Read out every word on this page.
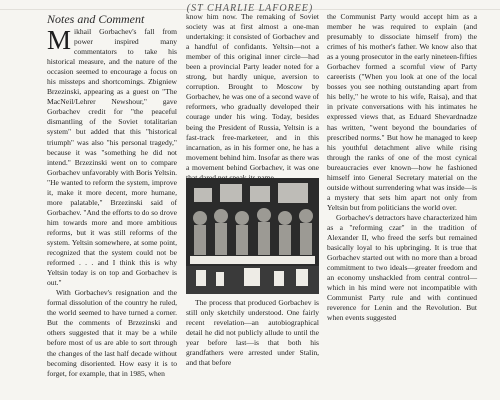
(ST CHARLIE LAFOREE)
Notes and Comment

Mikhail Gorbachev's fall from power inspired many commentators to take his historical measure, and the nature of the occasion seemed to encourage a focus on his missteps and shortcomings. Zbigniew Brzezinski, appearing as a guest on "The MacNeil/Lehrer Newshour," gave Gorbachev credit for "the peaceful dismantling of the Soviet totalitarian system" but added that this "historical triumph" was also "his personal tragedy," because it was "something he did not intend." Brzezinski went on to compare Gorbachev unfavorably with Boris Yeltsin. "He wanted to reform the system, improve it, make it more decent, more humane, more palatable," Brzezinski said of Gorbachev. "And the efforts to do so drove him towards more and more ambitious reforms, but it was still reforms of the system. Yeltsin somewhere, at some point, recognized that the system could not be reformed . . . and I think this is why Yeltsin today is on top and Gorbachev is out."

With Gorbachev's resignation and the formal dissolution of the country he ruled, the world seemed to have turned a corner. But the comments of Brzezinski and others suggested that it may be a while before most of us are able to sort through the changes of the last half decade without becoming disoriented. How easy it is to forget, for example, that in 1985, when

know him now. The remaking of Soviet society was at first almost a one-man undertaking: it consisted of Gorbachev and a handful of confidants. Yeltsin—not a member of this original inner circle—had been a provincial Party leader noted for a strong, but hardly unique, aversion to corruption. Brought to Moscow by Gorbachev, he was one of a second wave of reformers, who gradually developed their courage under his wing. Today, besides being the President of Russia, Yeltsin is a fast-track free-marketeer, and in this incarnation, as in his former one, he has a movement behind him. Insofar as there was a movement behind Gorbachev, it was one

The process that produced Gorbachev is still only sketchily understood. One fairly recent revelation—an autobiographical detail he did not publicly allude to until the year before last—is that both his grandfathers were arrested under Stalin, and that before

the Communist Party would accept him as a member he was required to explain (and presumably to dissociate himself from) the crimes of his mother's father. We know also that as a young prosecutor in the early nineteen-fifties Gorbachev formed a scornful view of Party careerists ("When you look at one of the local bosses you see nothing outstanding apart from his belly," he wrote to his wife, Raisa), and that in private conversations with his intimates he expressed views that, as Eduard Shevardnadze has written, "went beyond the boundaries of prescribed norms." But how he managed to keep his youthful detachment alive while rising through the ranks of one of the most cynical bureaucracies ever known—how he fashioned himself into General Secretary material on the outside without surrendering what was inside—is a mystery that sets him apart not only from Yeltsin but from politicians the world over.

Gorbachev's detractors have characterized him as a "reforming czar" in the tradition of Alexander II, who freed the serfs but remained basically loyal to his upbringing. It is true that Gorbachev started out with no more than a broad commitment to two ideals—greater freedom and an economy unshackled from central control—which in his mind were not incompatible with Communist Party rule and with continued reverence for Lenin and the Revolution. But when events suggested
